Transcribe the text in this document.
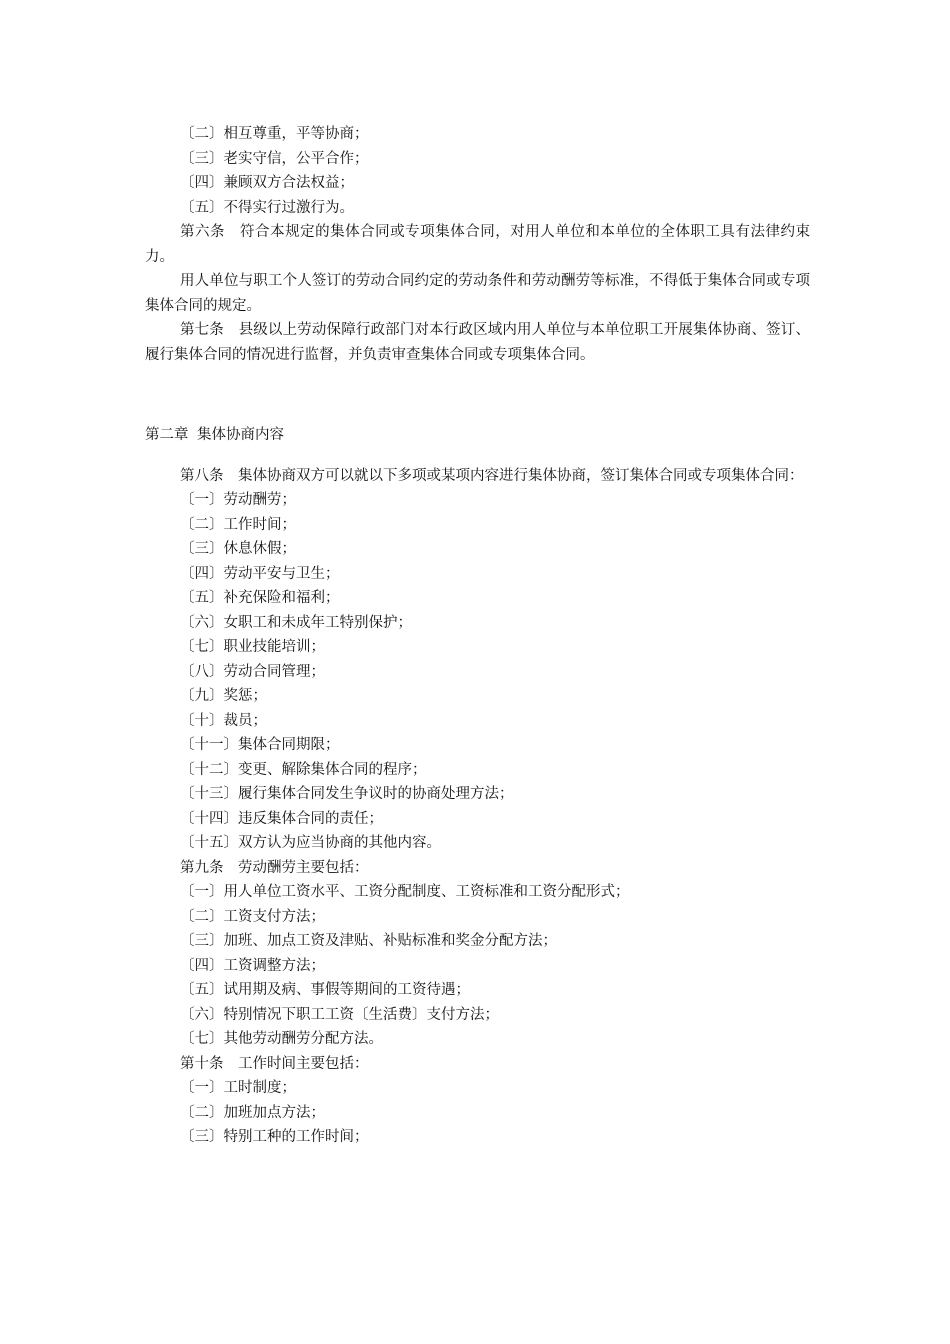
〔二〕相互尊重，平等协商；
〔三〕老实守信，公平合作；
〔四〕兼顾双方合法权益；
〔五〕不得实行过激行为。
第六条　符合本规定的集体合同或专项集体合同，对用人单位和本单位的全体职工具有法律约束力。
用人单位与职工个人签订的劳动合同约定的劳动条件和劳动酬劳等标准，不得低于集体合同或专项集体合同的规定。
第七条　县级以上劳动保障行政部门对本行政区域内用人单位与本单位职工开展集体协商、签订、履行集体合同的情况进行监督，并负责审查集体合同或专项集体合同。
第二章 集体协商内容
第八条　集体协商双方可以就以下多项或某项内容进行集体协商，签订集体合同或专项集体合同：
〔一〕劳动酬劳；
〔二〕工作时间；
〔三〕休息休假；
〔四〕劳动平安与卫生；
〔五〕补充保险和福利；
〔六〕女职工和未成年工特别保护；
〔七〕职业技能培训；
〔八〕劳动合同管理；
〔九〕奖惩；
〔十〕裁员；
〔十一〕集体合同期限；
〔十二〕变更、解除集体合同的程序；
〔十三〕履行集体合同发生争议时的协商处理方法；
〔十四〕违反集体合同的责任；
〔十五〕双方认为应当协商的其他内容。
第九条　劳动酬劳主要包括：
〔一〕用人单位工资水平、工资分配制度、工资标准和工资分配形式；
〔二〕工资支付方法；
〔三〕加班、加点工资及津贴、补贴标准和奖金分配方法；
〔四〕工资调整方法；
〔五〕试用期及病、事假等期间的工资待遇；
〔六〕特别情况下职工工资〔生活费〕支付方法；
〔七〕其他劳动酬劳分配方法。
第十条　工作时间主要包括：
〔一〕工时制度；
〔二〕加班加点方法；
〔三〕特别工种的工作时间；
